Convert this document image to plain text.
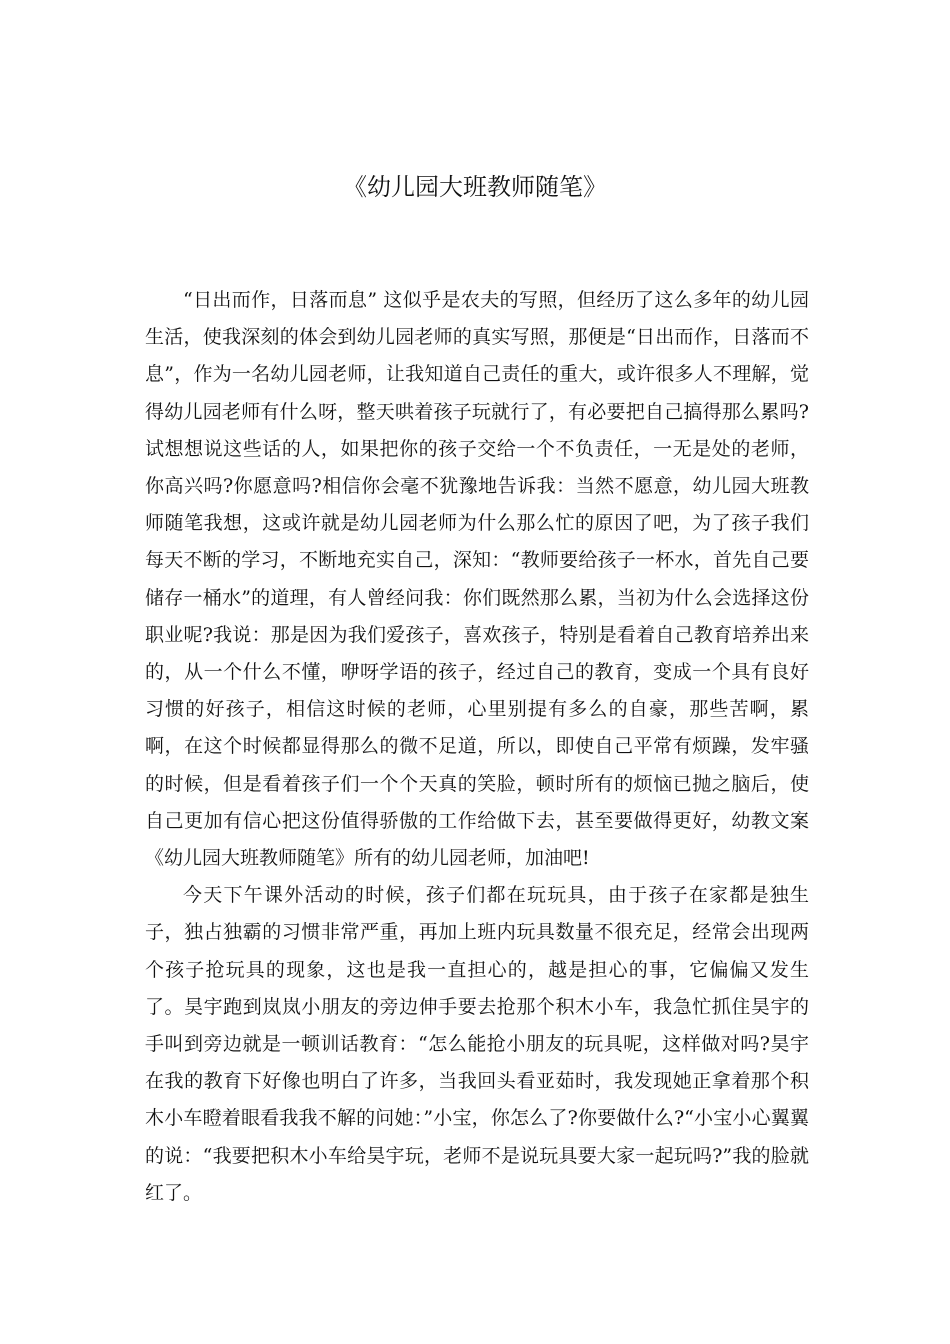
《幼儿园大班教师随笔》

“日出而作，日落而息” 这似乎是农夫的写照，但经历了这么多年的幼儿园生活，使我深刻的体会到幼儿园老师的真实写照，那便是“日出而作，日落而不息”，作为一名幼儿园老师，让我知道自己责任的重大，或许很多人不理解，觉得幼儿园老师有什么呀，整天哄着孩子玩就行了，有必要把自己搞得那么累吗?试想想说这些话的人，如果把你的孩子交给一个不负责任，一无是处的老师，你高兴吗?你愿意吗?相信你会毫不犹豫地告诉我：当然不愿意，幼儿园大班教师随笔我想，这或许就是幼儿园老师为什么那么忙的原因了吧，为了孩子我们每天不断的学习，不断地充实自己，深知：“教师要给孩子一杯水，首先自己要储存一桶水”的道理，有人曾经问我：你们既然那么累，当初为什么会选择这份职业呢?我说：那是因为我们爱孩子，喜欢孩子，特别是看着自己教育培养出来的，从一个什么不懂，咿呀学语的孩子，经过自己的教育，变成一个具有良好习惯的好孩子，相信这时候的老师，心里别提有多么的自豪，那些苦啊，累啊，在这个时候都显得那么的微不足道，所以，即使自己平常有烦躁，发牢骚的时候，但是看着孩子们一个个天真的笑脸，顿时所有的烦恼已抛之脑后，使自己更加有信心把这份值得骄傲的工作给做下去，甚至要做得更好，幼教文案《幼儿园大班教师随笔》所有的幼儿园老师，加油吧!

今天下午课外活动的时候，孩子们都在玩玩具，由于孩子在家都是独生子，独占独霸的习惯非常严重，再加上班内玩具数量不很充足，经常会出现两个孩子抢玩具的现象，这也是我一直担心的，越是担心的事，它偏偏又发生了。昊宇跑到岚岚小朋友的旁边伸手要去抢那个积木小车，我急忙抓住昊宇的手叫到旁边就是一顿训话教育：“怎么能抢小朋友的玩具呢，这样做对吗?昊宇在我的教育下好像也明白了许多，当我回头看亚茹时，我发现她正拿着那个积木小车瞪着眼看我我不解的问她：”小宝，你怎么了?你要做什么?“小宝小心翼翼的说：“我要把积木小车给昊宇玩，老师不是说玩具要大家一起玩吗?”我的脸就红了。
